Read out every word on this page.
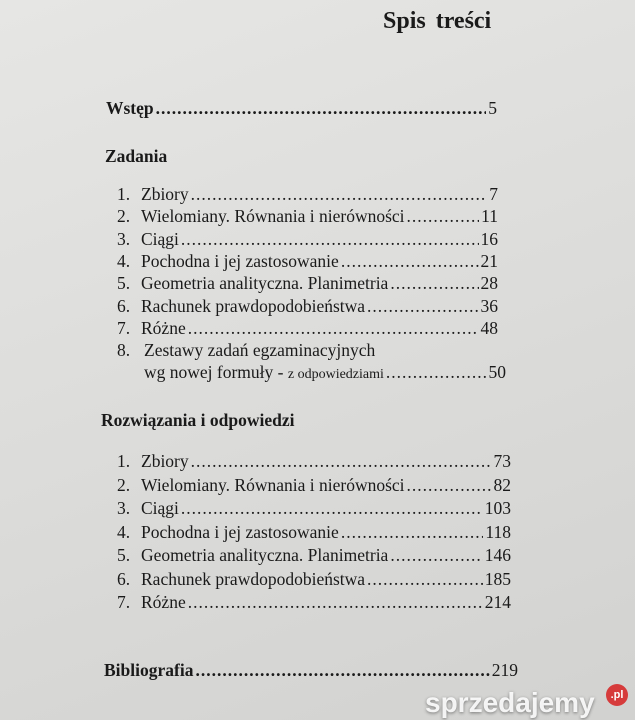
Spis treści
Wstęp .....	5
Zadania
1. Zbiory .....	7
2. Wielomiany. Równania i nierówności .....	11
3. Ciągi .....	16
4. Pochodna i jej zastosowanie .....	21
5. Geometria analityczna. Planimetria .....	28
6. Rachunek prawdopodobieństwa .....	36
7. Różne .....	48
8. Zestawy zadań egzaminacyjnych
wg nowej formuły -
z odpowiedziami .....	50
Rozwiązania i odpowiedzi
1. Zbiory .....	73
2. Wielomiany. Równania i nierówności .....	82
3. Ciągi .....	103
4. Pochodna i jej zastosowanie .....	118
5. Geometria analityczna. Planimetria .....	146
6. Rachunek prawdopodobieństwa .....	185
7. Różne .....	214
Bibliografia .....	219
sprzedajemy	.pl
